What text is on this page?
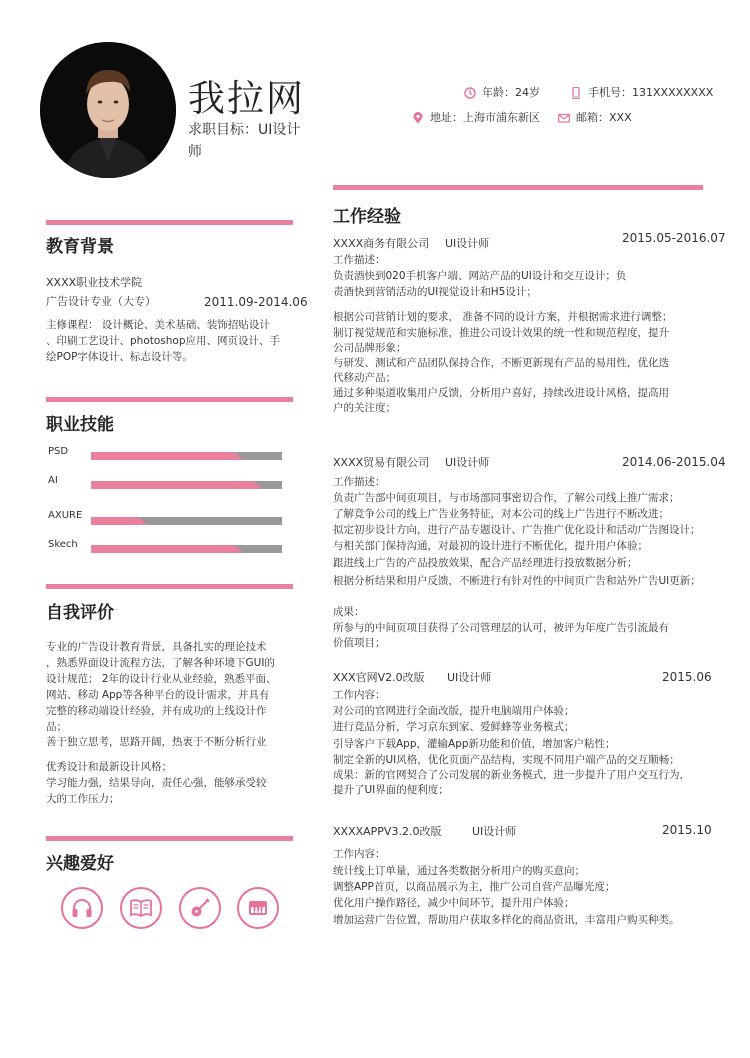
我拉网
求职目标：UI设计
师
年龄：24岁	手机号：131XXXXXXXX
地址：上海市浦东新区	邮箱：XXX
教育背景
XXXX职业技术学院
广告设计专业（大专）	2011.09-2014.06
主修课程： 设计概论、美术基础、装饰招贴设计
、印刷工艺设计、photoshop应用、网页设计、手
绘POP字体设计、标志设计等。
职业技能
PSD
AI
AXURE
Skech
自我评价
专业的广告设计教育背景，具备扎实的理论技术
，熟悉界面设计流程方法，了解各种环境下GUI的
设计规范； 2年的设计行业从业经验，熟悉平面、
网站、移动 App等各种平台的设计需求，并具有
完整的移动端设计经验，并有成功的上线设计作
品；
善于独立思考，思路开阔，热衷于不断分析行业
优秀设计和最新设计风格；
学习能力强，结果导向，责任心强，能够承受较
大的工作压力；
兴趣爱好
工作经验
XXXX商务有限公司 UI设计师	2015.05-2016.07
工作描述：
负责酒快到020手机客户端、网站产品的UI设计和交互设计；负
责酒快到营销活动的UI视觉设计和H5设计；
根据公司营销计划的要求， 准备不同的设计方案，并根据需求进行调整；
制订视觉规范和实施标准，推进公司设计效果的统一性和规范程度，提升
公司品牌形象；
与研发、测试和产品团队保持合作，不断更新现有产品的易用性，优化迭
代移动产品；
通过多种渠道收集用户反馈，分析用户喜好，持续改进设计风格，提高用
户的关注度；
XXXX贸易有限公司 UI设计师	2014.06-2015.04
工作描述：
负责广告部中间页项目，与市场部同事密切合作，了解公司线上推广需求；
了解竞争公司的线上广告业务特征，对本公司的线上广告进行不断改进；
拟定初步设计方向，进行产品专题设计、广告推广优化设计和活动广告图设计；
与相关部门保持沟通，对最初的设计进行不断优化，提升用户体验；
跟进线上广告的产品投放效果，配合产品经理进行投放数据分析；
根据分析结果和用户反馈，不断进行有针对性的中间页广告和站外广告UI更新；
成果：
所参与的中间页项目获得了公司管理层的认可，被评为年度广告引流最有
价值项目；
XXX官网V2.0改版 UI设计师	2015.06
工作内容：
对公司的官网进行全面改版，提升电脑端用户体验；
进行竞品分析，学习京东到家、爱鲜蜂等业务模式；
引导客户下载App，灌输App新功能和价值，增加客户粘性；
制定全新的UI风格，优化页面产品结构，实现不同用户端产品的交互顺畅；
成果：新的官网契合了公司发展的新业务模式，进一步提升了用户交互行为，
提升了UI界面的便利度；
XXXXAPPV3.2.0改版	UI设计师	2015.10
工作内容：
统计线上订单量，通过各类数据分析用户的购买意向；
调整APP首页，以商品展示为主，推广公司自营产品曝光度；
优化用户操作路径，减少中间环节，提升用户体验；
增加运营广告位置，帮助用户获取多样化的商品资讯，丰富用户购买种类。
